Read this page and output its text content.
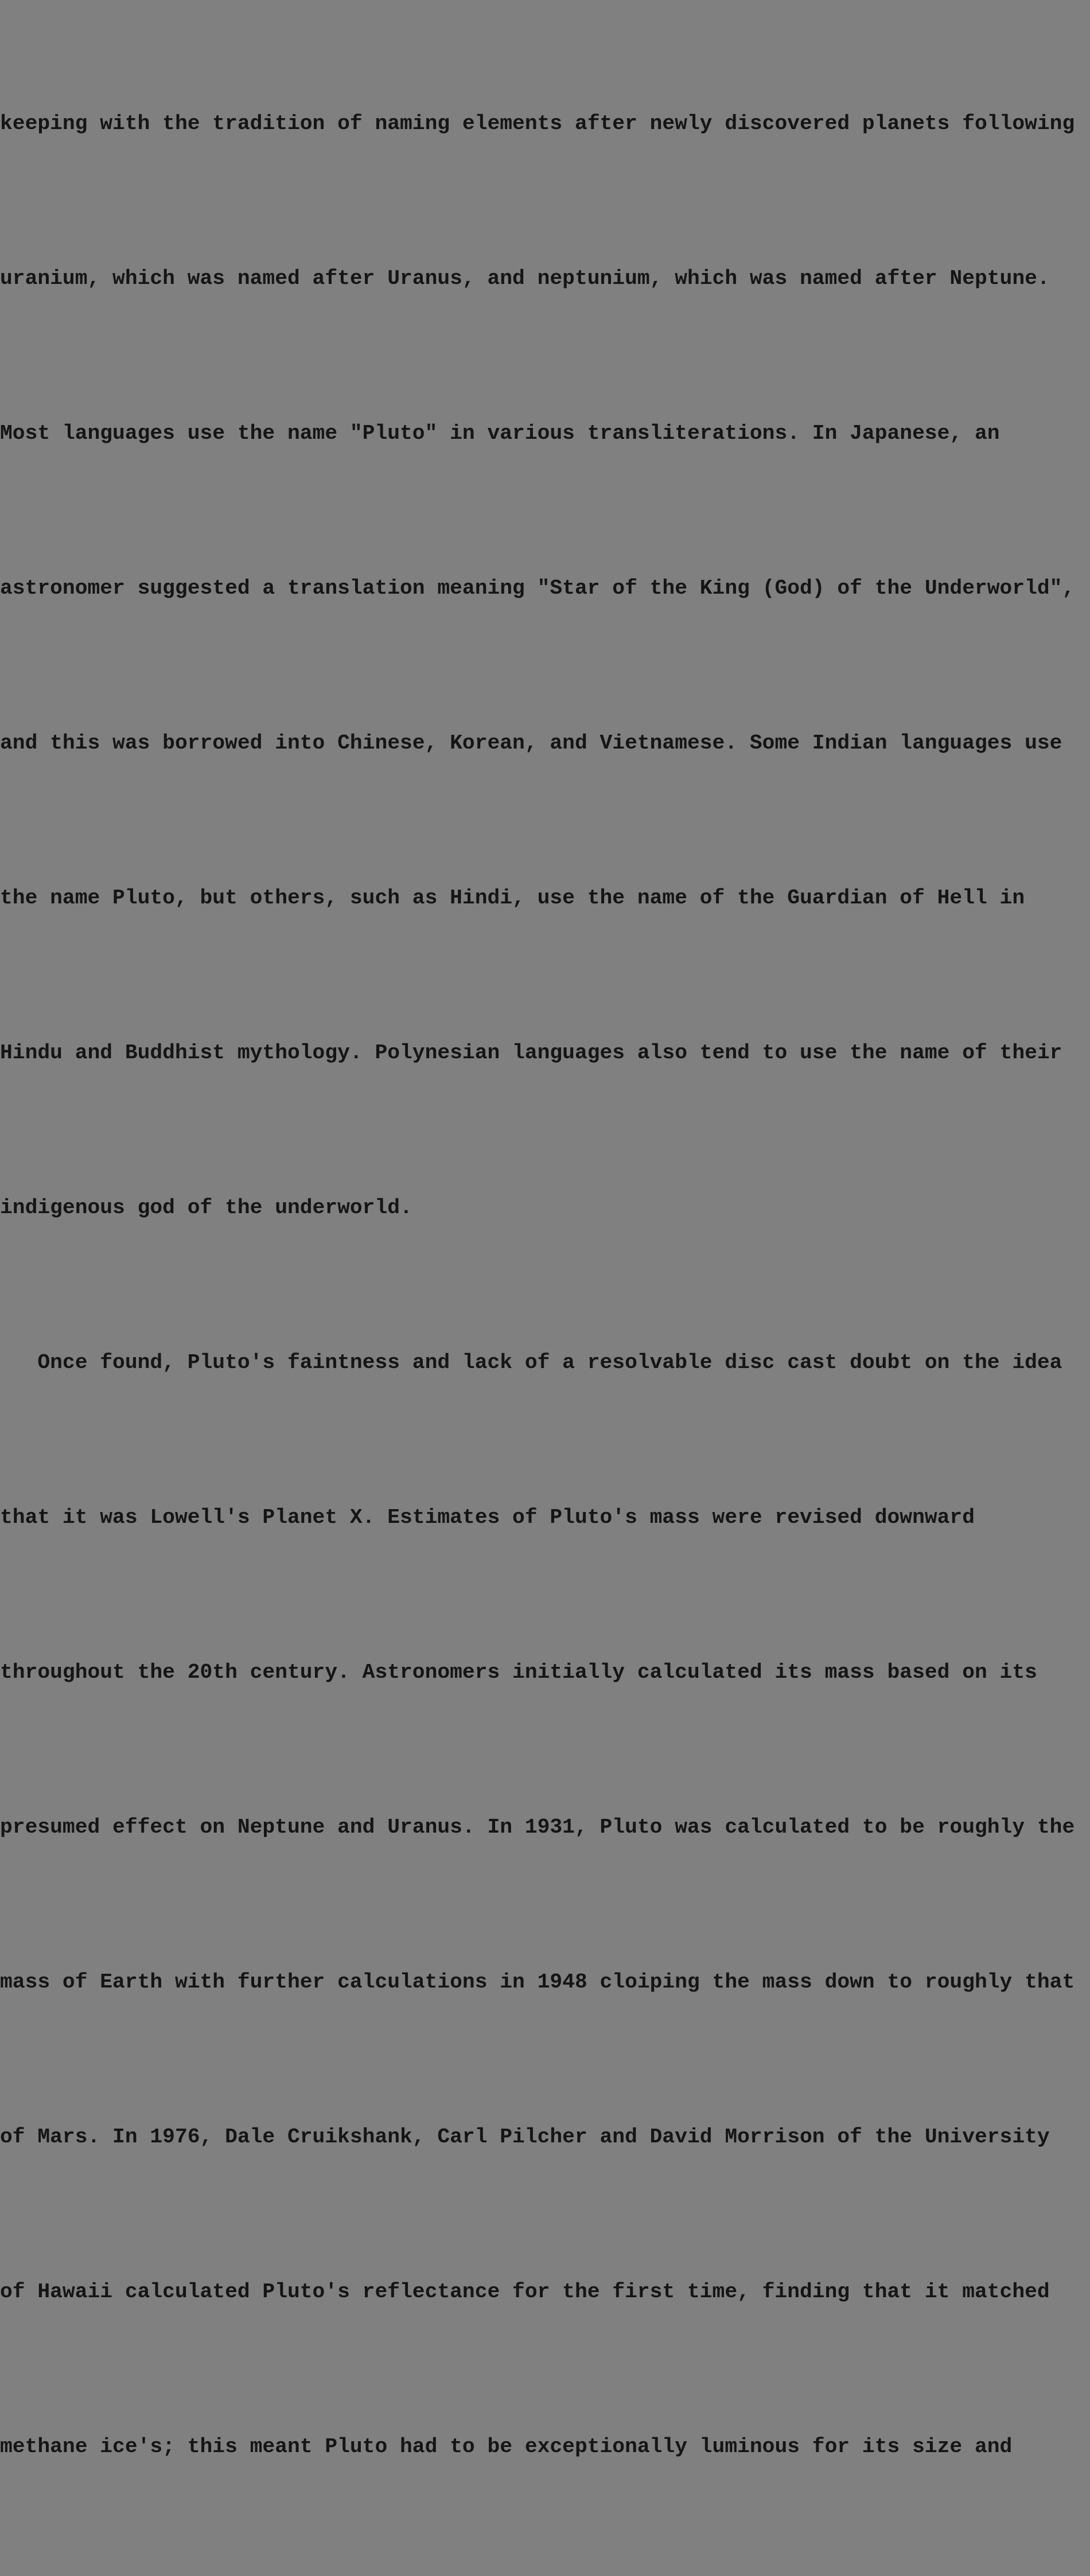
keeping with the tradition of naming elements after newly discovered planets following

uranium, which was named after Uranus, and neptunium, which was named after Neptune.

Most languages use the name "Pluto" in various transliterations. In Japanese, an

astronomer suggested a translation meaning "Star of the King (God) of the Underworld",

and this was borrowed into Chinese, Korean, and Vietnamese. Some Indian languages use

the name Pluto, but others, such as Hindi, use the name of the Guardian of Hell in

Hindu and Buddhist mythology. Polynesian languages also tend to use the name of their

indigenous god of the underworld.

Once found, Pluto's faintness and lack of a resolvable disc cast doubt on the idea

that it was Lowell's Planet X. Estimates of Pluto's mass were revised downward

throughout the 20th century. Astronomers initially calculated its mass based on its

presumed effect on Neptune and Uranus. In 1931, Pluto was calculated to be roughly the

mass of Earth with further calculations in 1948 cloiping the mass down to roughly that

of Mars. In 1976, Dale Cruikshank, Carl Pilcher and David Morrison of the University

of Hawaii calculated Pluto's reflectance for the first time, finding that it matched

methane ice's; this meant Pluto had to be exceptionally luminous for its size and
